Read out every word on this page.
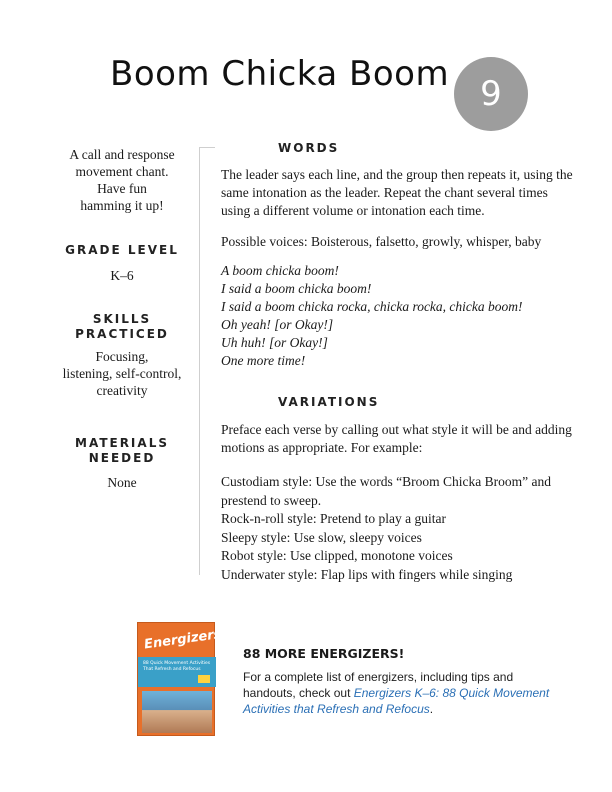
Boom Chicka Boom 9

A call and response
movement chant.
Have fun
hamming it up!

GRADE LEVEL
K–6
SKILLS
PRACTICED

Focusing,
listening, self-control,
creativity

MATERIALS
NEEDED
None
WORDS

The leader says each line, and the group then repeats it, using the same intonation as the leader. Repeat the chant several times using a different volume or intonation each time.

Possible voices: Boisterous, falsetto, growly, whisper, baby

A boom chicka boom!
I said a boom chicka boom!
I said a boom chicka rocka, chicka rocka, chicka boom!
Oh yeah! [or Okay!]
Uh huh! [or Okay!]
One more time!
VARIATIONS

Preface each verse by calling out what style it will be and adding motions as appropriate. For example:

Custodiam style: Use the words “Broom Chicka Broom” and
prestend to sweep.
Rock-n-roll style: Pretend to play a guitar
Sleepy style: Use slow, sleepy voices
Robot style: Use clipped, monotone voices
Underwater style: Flap lips with fingers while singing
Energizers!
88 Quick Movement Activities That Refresh and Refocus
88 MORE ENERGIZERS!

For a complete list of energizers, including tips and handouts, check out Energizers K–6: 88 Quick Movement Activities that Refresh and Refocus.
